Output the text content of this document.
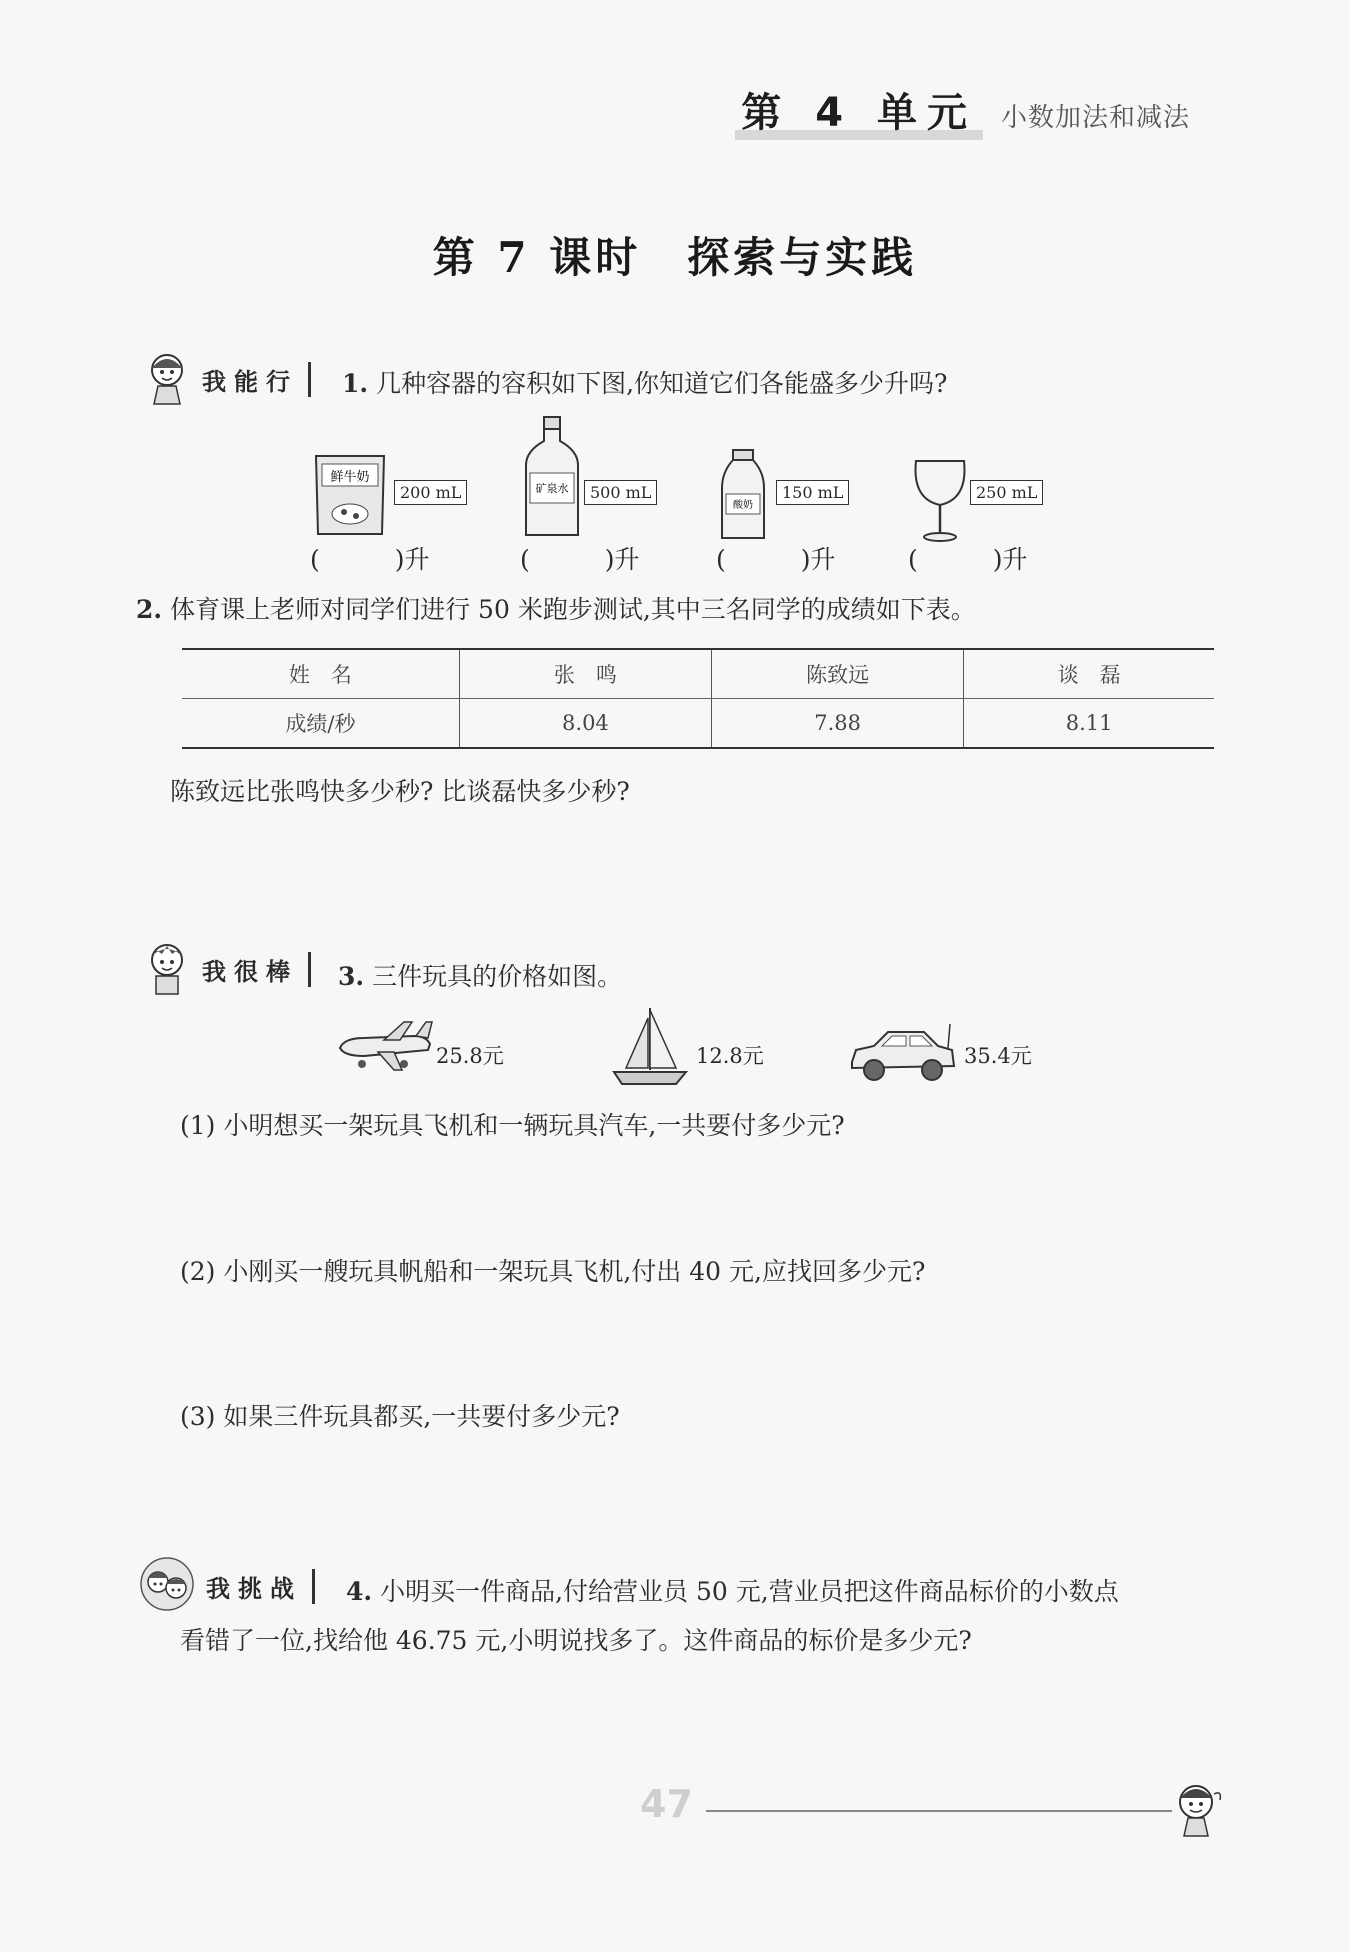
第 4 单元 小数加法和减法
第 7 课时　探索与实践
我能行	1. 几种容器的容积如下图,你知道它们各能盛多少升吗?
鲜牛奶
200 mL	矿泉水	500 mL
酸奶
150 mL	250 mL
(　　　)升	(　　　)升	(　　　)升	(　　　)升
2. 体育课上老师对同学们进行 50 米跑步测试,其中三名同学的成绩如下表。
姓　名	张　鸣	陈致远	谈　磊
成绩/秒	8.04	7.88	8.11
陈致远比张鸣快多少秒? 比谈磊快多少秒?
我很棒	3. 三件玩具的价格如图。
25.8元	12.8元	35.4元
(1) 小明想买一架玩具飞机和一辆玩具汽车,一共要付多少元?
(2) 小刚买一艘玩具帆船和一架玩具飞机,付出 40 元,应找回多少元?
(3) 如果三件玩具都买,一共要付多少元?
我挑战	4. 小明买一件商品,付给营业员 50 元,营业员把这件商品标价的小数点
看错了一位,找给他 46.75 元,小明说找多了。这件商品的标价是多少元?
47
